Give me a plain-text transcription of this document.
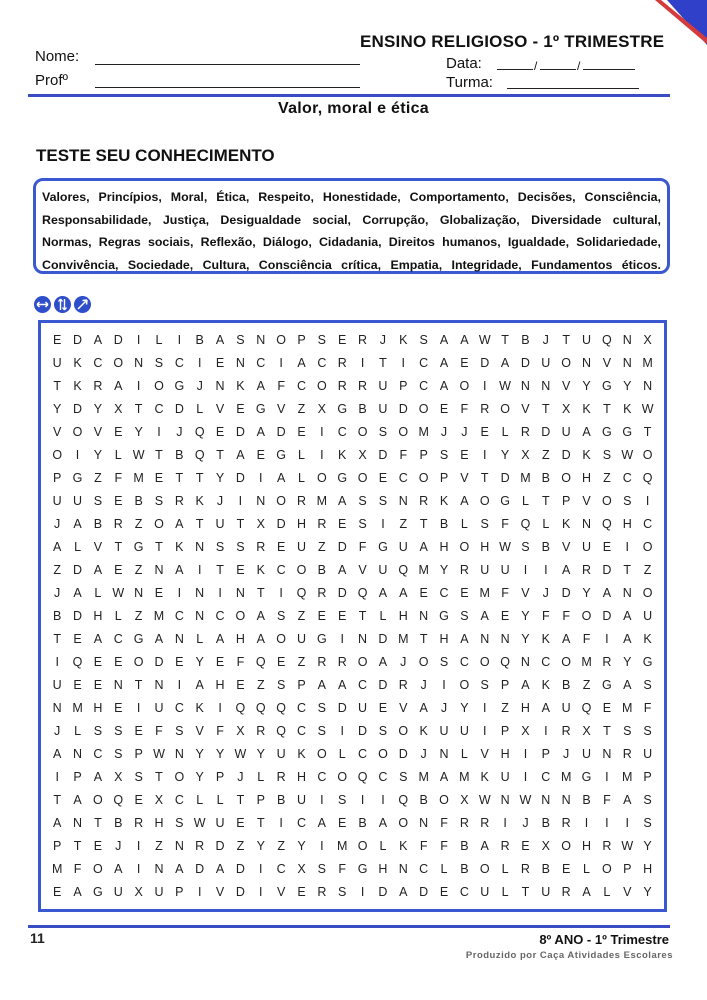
ENSINO RELIGIOSO - 1º TRIMESTRE
Nome:
Profº
Data:	/	/
Turma:
Valor, moral e ética
TESTE SEU CONHECIMENTO
Valores, Princípios, Moral, Ética, Respeito, Honestidade, Comportamento, Decisões, Consciência,
Responsabilidade, Justiça, Desigualdade social, Corrupção, Globalização, Diversidade cultural,
Normas, Regras sociais, Reflexão, Diálogo, Cidadania, Direitos humanos, Igualdade, Solidariedade,
Convivência, Sociedade, Cultura, Consciência crítica, Empatia, Integridade, Fundamentos éticos.
E D A D	I	L	I	B A S N O P S E R	J	K S A A W T B	J	T U Q N X
U K C O N S C	I	E N C	I	A C R	I	T	I	C A E D A D U O N V N M
T K R A	I	O G J	N K A F C O R R U P C A O	I	W N N V Y G Y N
Y D Y X T C D L	V E G V Z X G B U D O E F R O V T X K T K W
V O V E Y	I	J Q E D A D E	I	C O S O M J	J	E	L R D U A G G T
O	I	Y	L W T B Q T A E G L	I	K X D F P S E	I	Y X Z D K S W O
P G Z	F M E T	T Y D	I	A	L O G O E C O P V T D M B O H Z C Q
U U S E B S R K	J	I	N O R M A S S N R K A O G L	T P V O S	I
J	A B R Z O A T U T X D H R E S	I	Z	T B	L	S F Q L	K N Q H C
A	L	V T G T K N S S R E U Z D F G U A H O H W S B V U E	I	O
Z D A E Z N A	I	T E K C O B A V U Q M Y R U U	I	I	A R D T	Z
J	A	L W N E	I	N	I	N T	I	Q R D Q A A E C E M F V	J	D Y A N O
B D H L	Z M C N C O A S Z E E T	L H N G S A E Y F	F O D A U
T E A C G A N L	A H A O U G	I	N D M T H A N N Y K A F	I	A K
I	Q E E O D E Y E F Q E Z R R O A	J O S C O Q N C O M R Y G
U E E N T N	I	A H E Z S P A A C D R	J	I	O S P A K B Z G A S
N M H E	I	U C K	I	Q Q Q C S D U E V A	J	Y	I	Z H A U Q E M F
J	L	S S E F S V F X R Q C S	I	D S O K U U	I	P X	I	R X T S S
A N C S P W N Y Y W Y U K O L C O D	J	N L	V H	I	P	J	U N R U
I	P A X S T O Y P	J	L R H C O Q C S M A M K U	I	C M G	I	M P
T A O Q E X C L	L	T P B U	I	S	I	I	Q B O X W N W N N B F A S
A N T B R H S W U E T	I	C A E B A O N F R R	I	J	B R	I	I	I	S
P T E	J	I	Z N R D Z Y Z Y	I	M O L	K F	F B A R E X O H R W Y
M F O A	I	N A D A D	I	C X S F G H N C L	B O L R B E	L O P H
E A G U X U P	I	V D	I	V E R S	I	D A D E C U L	T U R A	L	V Y
11	8º ANO - 1º Trimestre
Produzido por Caça Atividades Escolares
